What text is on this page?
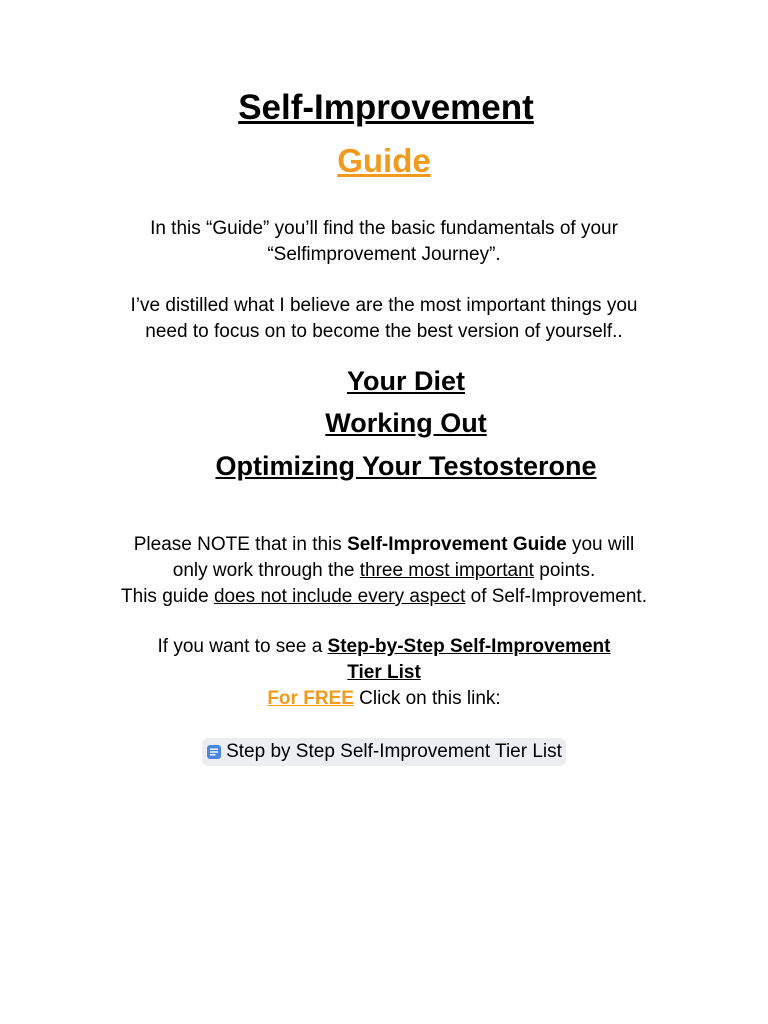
Self-Improvement
Guide
In this “Guide” you’ll find the basic fundamentals of your
“Selfimprovement Journey”.
I’ve distilled what I believe are the most important things you
need to focus on to become the best version of yourself..
Your Diet
Working Out
Optimizing Your Testosterone
Please NOTE that in this Self-Improvement Guide you will
only work through the three most important points.
This guide does not include every aspect of Self-Improvement.
If you want to see a Step-by-Step Self-Improvement
Tier List
For FREE Click on this link:
Step by Step Self-Improvement Tier List
